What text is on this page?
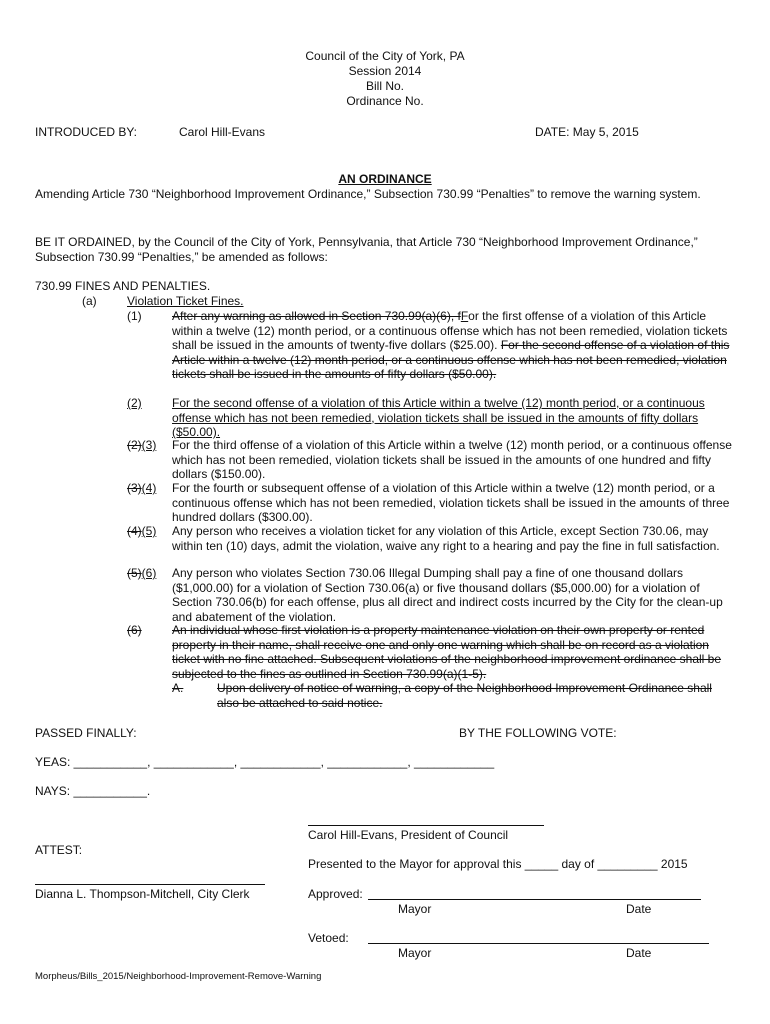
Council of the City of York, PA
Session 2014
Bill No.
Ordinance No.
INTRODUCED BY:	Carol Hill-Evans	DATE: May 5, 2015
AN ORDINANCE
Amending Article 730 “Neighborhood Improvement Ordinance,” Subsection 730.99 “Penalties” to remove the warning system.
BE IT ORDAINED, by the Council of the City of York, Pennsylvania, that Article 730 “Neighborhood Improvement Ordinance,” Subsection 730.99 “Penalties,” be amended as follows:
730.99 FINES AND PENALTIES.
(a)	Violation Ticket Fines.
(1)	After any warning as allowed in Section 730.99(a)(6), fFor the first offense of a violation of this Article within a twelve (12) month period, or a continuous offense which has not been remedied, violation tickets shall be issued in the amounts of twenty-five dollars ($25.00). For the second offense of a violation of this Article within a twelve (12) month period, or a continuous offense which has not been remedied, violation tickets shall be issued in the amounts of fifty dollars ($50.00).
(2)	For the second offense of a violation of this Article within a twelve (12) month period, or a continuous offense which has not been remedied, violation tickets shall be issued in the amounts of fifty dollars ($50.00).
(2)(3)	For the third offense of a violation of this Article within a twelve (12) month period, or a continuous offense which has not been remedied, violation tickets shall be issued in the amounts of one hundred and fifty dollars ($150.00).
(3)(4)	For the fourth or subsequent offense of a violation of this Article within a twelve (12) month period, or a continuous offense which has not been remedied, violation tickets shall be issued in the amounts of three hundred dollars ($300.00).
(4)(5)	Any person who receives a violation ticket for any violation of this Article, except Section 730.06, may within ten (10) days, admit the violation, waive any right to a hearing and pay the fine in full satisfaction.
(5)(6)	Any person who violates Section 730.06 Illegal Dumping shall pay a fine of one thousand dollars ($1,000.00) for a violation of Section 730.06(a) or five thousand dollars ($5,000.00) for a violation of Section 730.06(b) for each offense, plus all direct and indirect costs incurred by the City for the clean-up and abatement of the violation.
(6)	An individual whose first violation is a property maintenance violation on their own property or rented property in their name, shall receive one and only one warning which shall be on record as a violation ticket with no fine attached. Subsequent violations of the neighborhood improvement ordinance shall be subjected to the fines as outlined in Section 730.99(a)(1-5).
A.	Upon delivery of notice of warning, a copy of the Neighborhood Improvement Ordinance shall also be attached to said notice.
PASSED FINALLY:	BY THE FOLLOWING VOTE:
YEAS: ___________, ____________, ____________, ____________, ____________
NAYS: ___________.
Carol Hill-Evans, President of Council
ATTEST:
Presented to the Mayor for approval this _____ day of _________ 2015
Dianna L. Thompson-Mitchell, City Clerk	Approved:
Mayor	Date
Vetoed:
Mayor	Date
Morpheus/Bills_2015/Neighborhood-Improvement-Remove-Warning
